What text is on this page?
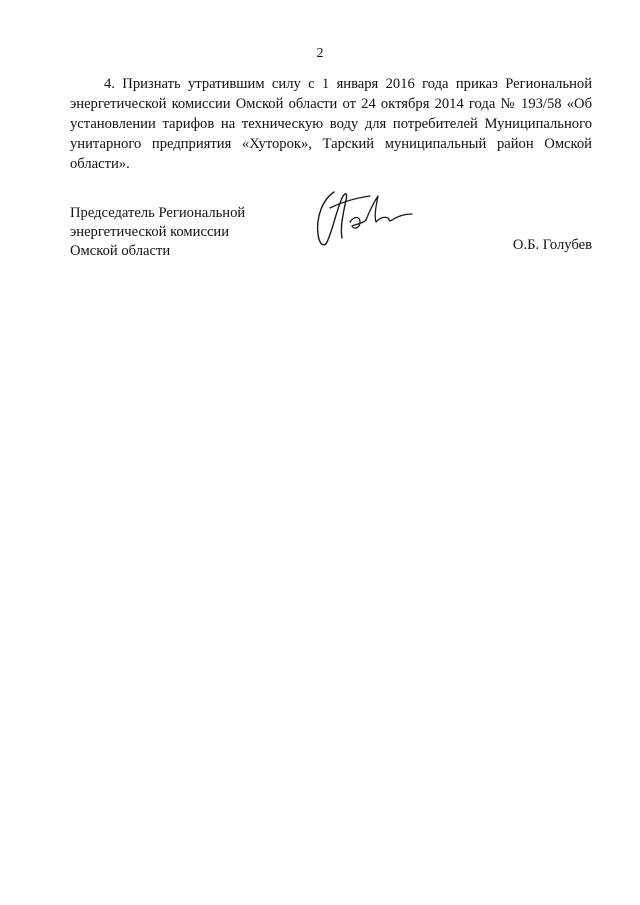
2

4. Признать утратившим силу с 1 января 2016 года приказ Региональной энергетической комиссии Омской области от 24 октября 2014 года № 193/58 «Об установлении тарифов на техническую воду для потребителей Муниципального унитарного предприятия «Хуторок», Тарский муниципальный район Омской области».

Председатель Региональной
энергетической комиссии
Омской области	О.Б. Голубев
